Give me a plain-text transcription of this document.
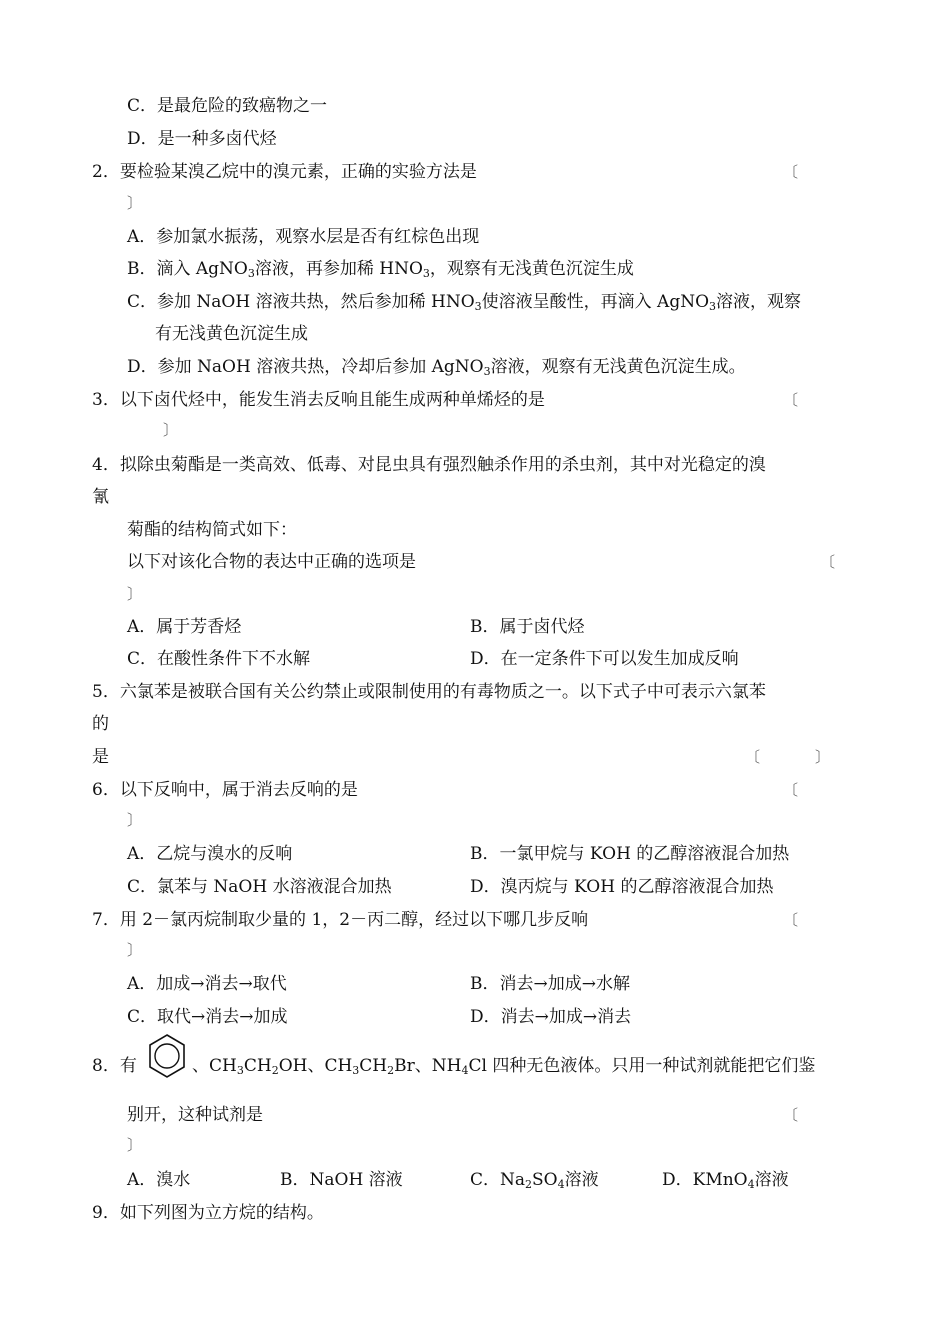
C．是最危险的致癌物之一
D．是一种多卤代烃
2．要检验某溴乙烷中的溴元素，正确的实验方法是	〔
〕
A．参加氯水振荡，观察水层是否有红棕色出现
B．滴入 AgNO$_3$溶液，再参加稀 $HNO_3$，观察有无浅黄色沉淀生成
C．参加 NaOH 溶液共热，然后参加稀 $HNO_3$使溶液呈酸性，再滴入 AgNO$_3$溶液，观察
有无浅黄色沉淀生成
D．参加 NaOH 溶液共热，冷却后参加 AgNO$_3$溶液，观察有无浅黄色沉淀生成。
3．以下卤代烃中，能发生消去反响且能生成两种单烯烃的是	〔
〕
4．拟除虫菊酯是一类高效、低毒、对昆虫具有强烈触杀作用的杀虫剂，其中对光稳定的溴
氰
菊酯的结构简式如下：
以下对该化合物的表达中正确的选项是	〔
〕
A．属于芳香烃	B．属于卤代烃
C．在酸性条件下不水解	D．在一定条件下可以发生加成反响
5．六氯苯是被联合国有关公约禁止或限制使用的有毒物质之一。以下式子中可表示六氯苯
的
是	〔	〕
6．以下反响中，属于消去反响的是	〔
〕
A．乙烷与溴水的反响	B．一氯甲烷与 KOH 的乙醇溶液混合加热
C．氯苯与 NaOH 水溶液混合加热	D．溴丙烷与 KOH 的乙醇溶液混合加热
7．用 2－氯丙烷制取少量的 1，2－丙二醇，经过以下哪几步反响	〔
〕
A．加成→消去→取代	B．消去→加成→水解
C．取代→消去→加成	D．消去→加成→消去
8．有	、$CH_3CH_2OH$、$CH_3CH_2Br$、$NH_4Cl$ 四种无色液体。只用一种试剂就能把它们鉴
别开，这种试剂是	〔
〕
A．溴水	B．NaOH 溶液	C．$Na_2SO_4$溶液	D．KMnO$_4$溶液
9．如下列图为立方烷的结构。
